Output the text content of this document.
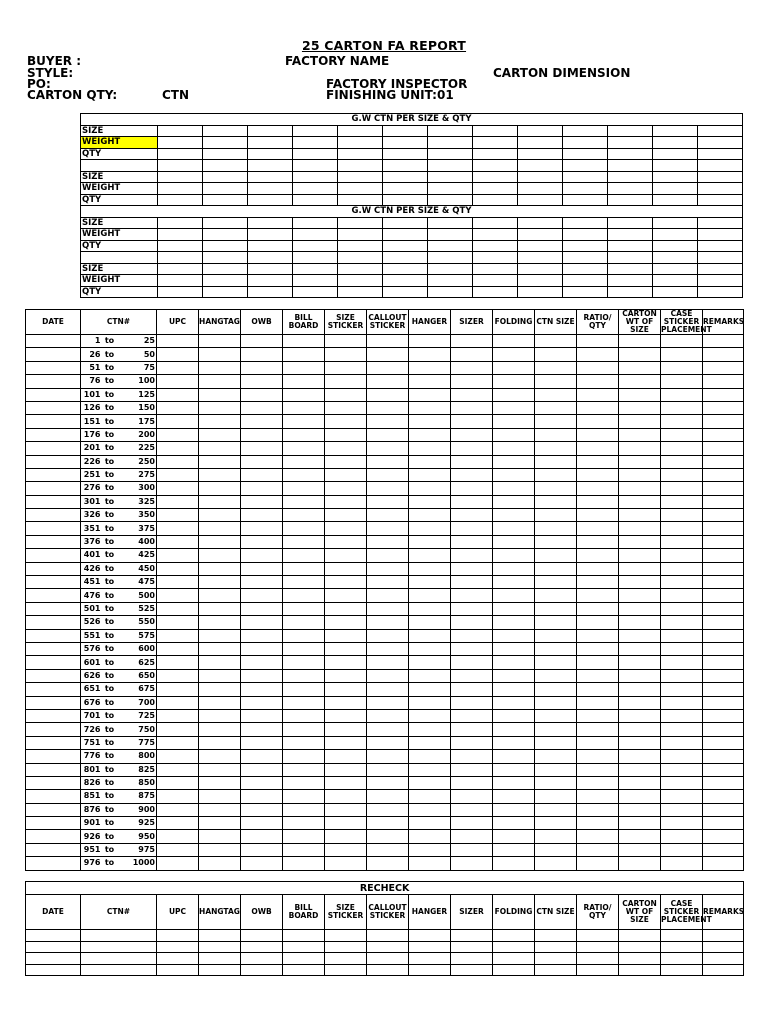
25 CARTON FA REPORT
BUYER :
STYLE:
PO:
CARTON QTY:	CTN
FACTORY NAME
FACTORY INSPECTOR
FINISHING UNIT:01
CARTON DIMENSION
G.W CTN PER SIZE & QTY													
SIZE													
WEIGHT													
QTY													

SIZE													
WEIGHT													
QTY													
G.W CTN PER SIZE & QTY													
SIZE													
WEIGHT													
QTY													

SIZE													
WEIGHT													
QTY													
DATE	CTN#			UPC	HANGTAG	OWB	BILL BOARD	SIZE STICKER	CALLOUT STICKER	HANGER	SIZER	FOLDING	CTN SIZE	RATIO/ QTY	CARTON WT OF SIZE	CASE STICKER PLACEMENT	REMARKS
	1	to	25														
	26	to	50														
	51	to	75														
	76	to	100														
	101	to	125														
	126	to	150														
	151	to	175														
	176	to	200														
	201	to	225														
	226	to	250														
	251	to	275														
	276	to	300														
	301	to	325														
	326	to	350														
	351	to	375														
	376	to	400														
	401	to	425														
	426	to	450														
	451	to	475														
	476	to	500														
	501	to	525														
	526	to	550														
	551	to	575														
	576	to	600														
	601	to	625														
	626	to	650														
	651	to	675														
	676	to	700														
	701	to	725														
	726	to	750														
	751	to	775														
	776	to	800														
	801	to	825														
	826	to	850														
	851	to	875														
	876	to	900														
	901	to	925														
	926	to	950														
	951	to	975														
	976	to	1000														
RECHECK															
DATE	CTN#	UPC	HANGTAG	OWB	BILL BOARD	SIZE STICKER	CALLOUT STICKER	HANGER	SIZER	FOLDING	CTN SIZE	RATIO/ QTY	CARTON WT OF SIZE	CASE STICKER PLACEMENT	REMARKS
